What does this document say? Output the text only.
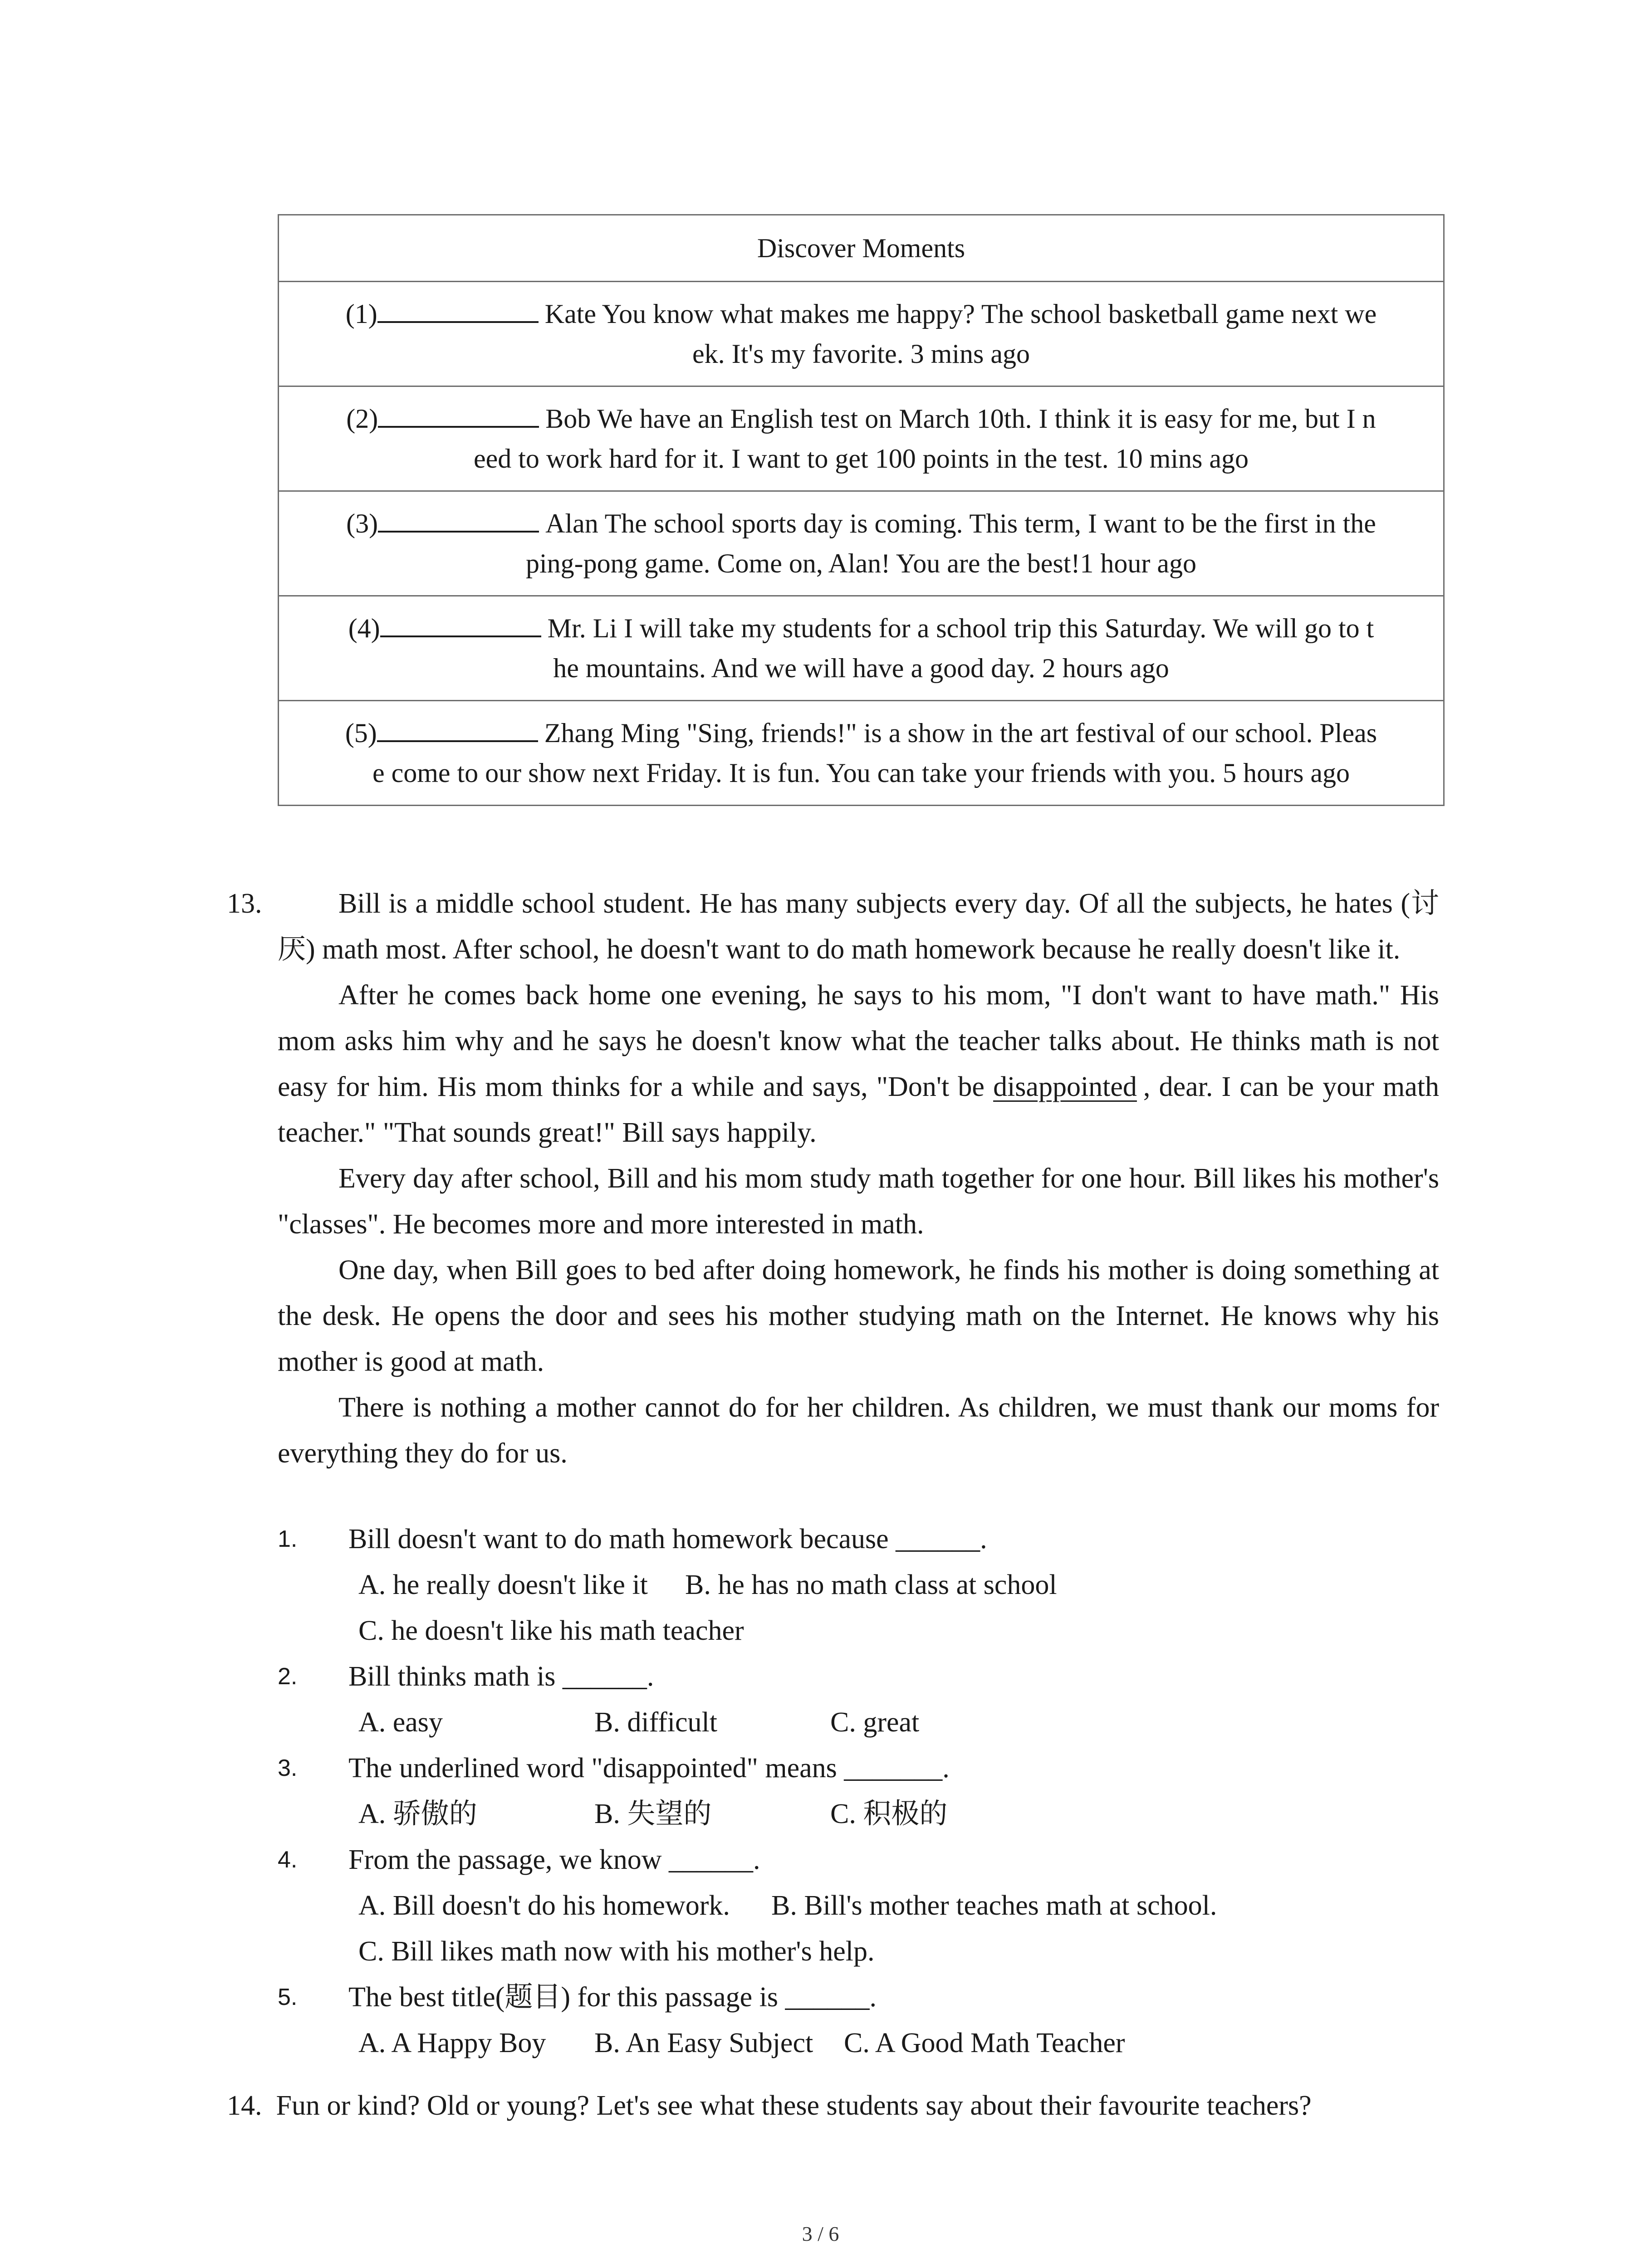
Discover Moments
(1)	Kate You know what makes me happy? The school basketball game next we
ek. It's my favorite. 3 mins ago
(2)	Bob We have an English test on March 10th. I think it is easy for me, but I n
eed to work hard for it. I want to get 100 points in the test. 10 mins ago
(3)	Alan The school sports day is coming. This term, I want to be the first in the
ping-pong game. Come on, Alan! You are the best!1 hour ago
(4)	Mr. Li I will take my students for a school trip this Saturday. We will go to t
he mountains. And we will have a good day. 2 hours ago
(5)	Zhang Ming "Sing, friends!" is a show in the art festival of our school. Pleas
e come to our show next Friday. It is fun. You can take your friends with you. 5 hours ago
13.	Bill is a middle school student. He has many subjects every day. Of all the subjects, he hates (讨厌) math most. After school, he doesn't want to do math homework because he really doesn't like it.

After he comes back home one evening, he says to his mom, "I don't want to have math." His mom asks him why and he says he doesn't know what the teacher talks about. He thinks math is not easy for him. His mom thinks for a while and says, "Don't be disappointed , dear. I can be your math teacher." "That sounds great!" Bill says happily.

Every day after school, Bill and his mom study math together for one hour. Bill likes his mother's "classes". He becomes more and more interested in math.

One day, when Bill goes to bed after doing homework, he finds his mother is doing something at the desk. He opens the door and sees his mother studying math on the Internet. He knows why his mother is good at math.

There is nothing a mother cannot do for her children. As children, we must thank our moms for everything they do for us.

1. Bill doesn't want to do math homework because ______.
A. he really doesn't like it B. he has no math class at school
C. he doesn't like his math teacher
2. Bill thinks math is ______.
A. easy	B. difficult	C. great
3. The underlined word "disappointed" means _______.
A. 骄傲的	B. 失望的	C. 积极的
4. From the passage, we know ______.
A. Bill doesn't do his homework. B. Bill's mother teaches math at school.
C. Bill likes math now with his mother's help.
5. The best title(题目) for this passage is ______.
A. A Happy Boy B. An Easy Subject C. A Good Math Teacher
14. Fun or kind? Old or young? Let's see what these students say about their favourite teachers?
3 / 6
